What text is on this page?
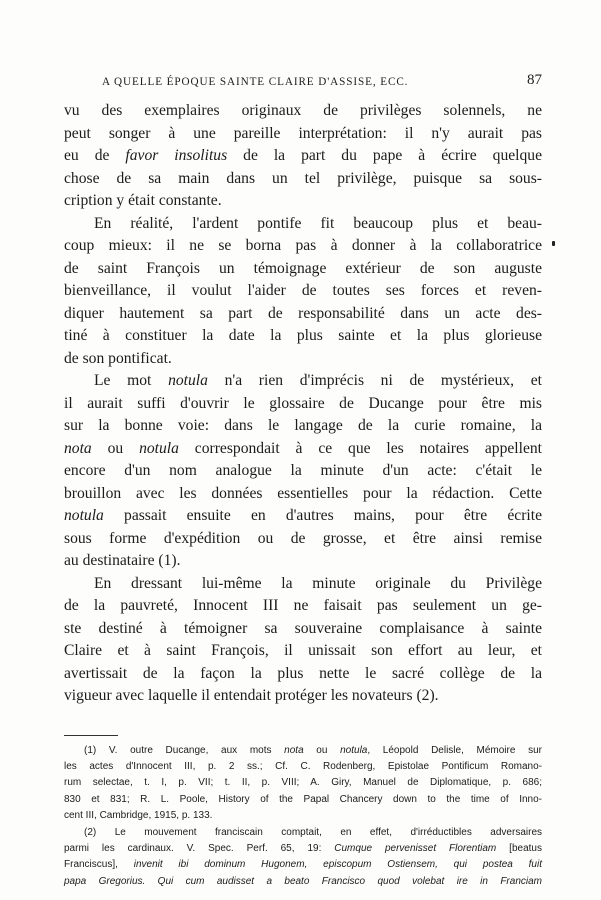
A QUELLE ÉPOQUE SAINTE CLAIRE D'ASSISE, ECC.	87

vu des exemplaires originaux de privilèges solennels, ne

peut songer à une pareille interprétation: il n'y aurait pas

eu de favor insolitus de la part du pape à écrire quelque

chose de sa main dans un tel privilège, puisque sa sous-

cription y était constante.

En réalité, l'ardent pontife fit beaucoup plus et beau-

coup mieux: il ne se borna pas à donner à la collaboratrice

de saint François un témoignage extérieur de son auguste

bienveillance, il voulut l'aider de toutes ses forces et reven-

diquer hautement sa part de responsabilité dans un acte des-

tiné à constituer la date la plus sainte et la plus glorieuse

de son pontificat.

Le mot notula n'a rien d'imprécis ni de mystérieux, et

il aurait suffi d'ouvrir le glossaire de Ducange pour être mis

sur la bonne voie: dans le langage de la curie romaine, la

nota ou notula correspondait à ce que les notaires appellent

encore d'un nom analogue la minute d'un acte: c'était le

brouillon avec les données essentielles pour la rédaction. Cette

notula passait ensuite en d'autres mains, pour être écrite

sous forme d'expédition ou de grosse, et être ainsi remise

au destinataire (1).

En dressant lui-même la minute originale du Privilège

de la pauvreté, Innocent III ne faisait pas seulement un ge-

ste destiné à témoigner sa souveraine complaisance à sainte

Claire et à saint François, il unissait son effort au leur, et

avertissait de la façon la plus nette le sacré collège de la

vigueur avec laquelle il entendait protéger les novateurs (2).

(1) V. outre Ducange, aux mots nota ou notula, Léopold Delisle, Mémoire sur

les actes d'Innocent III, p. 2 ss.; Cf. C. Rodenberg, Epistolae Pontificum Romano-

rum selectae, t. I, p. VII; t. II, p. VIII; A. Giry, Manuel de Diplomatique, p. 686;

830 et 831; R. L. Poole, History of the Papal Chancery down to the time of Inno-

cent III, Cambridge, 1915, p. 133.

(2) Le mouvement franciscain comptait, en effet, d'irréductibles adversaires

parmi les cardinaux. V. Spec. Perf. 65, 19: Cumque pervenisset Florentiam [beatus

Franciscus], invenit ibi dominum Hugonem, episcopum Ostiensem, qui postea fuit

papa Gregorius. Qui cum audisset a beato Francisco quod volebat ire in Franciam
